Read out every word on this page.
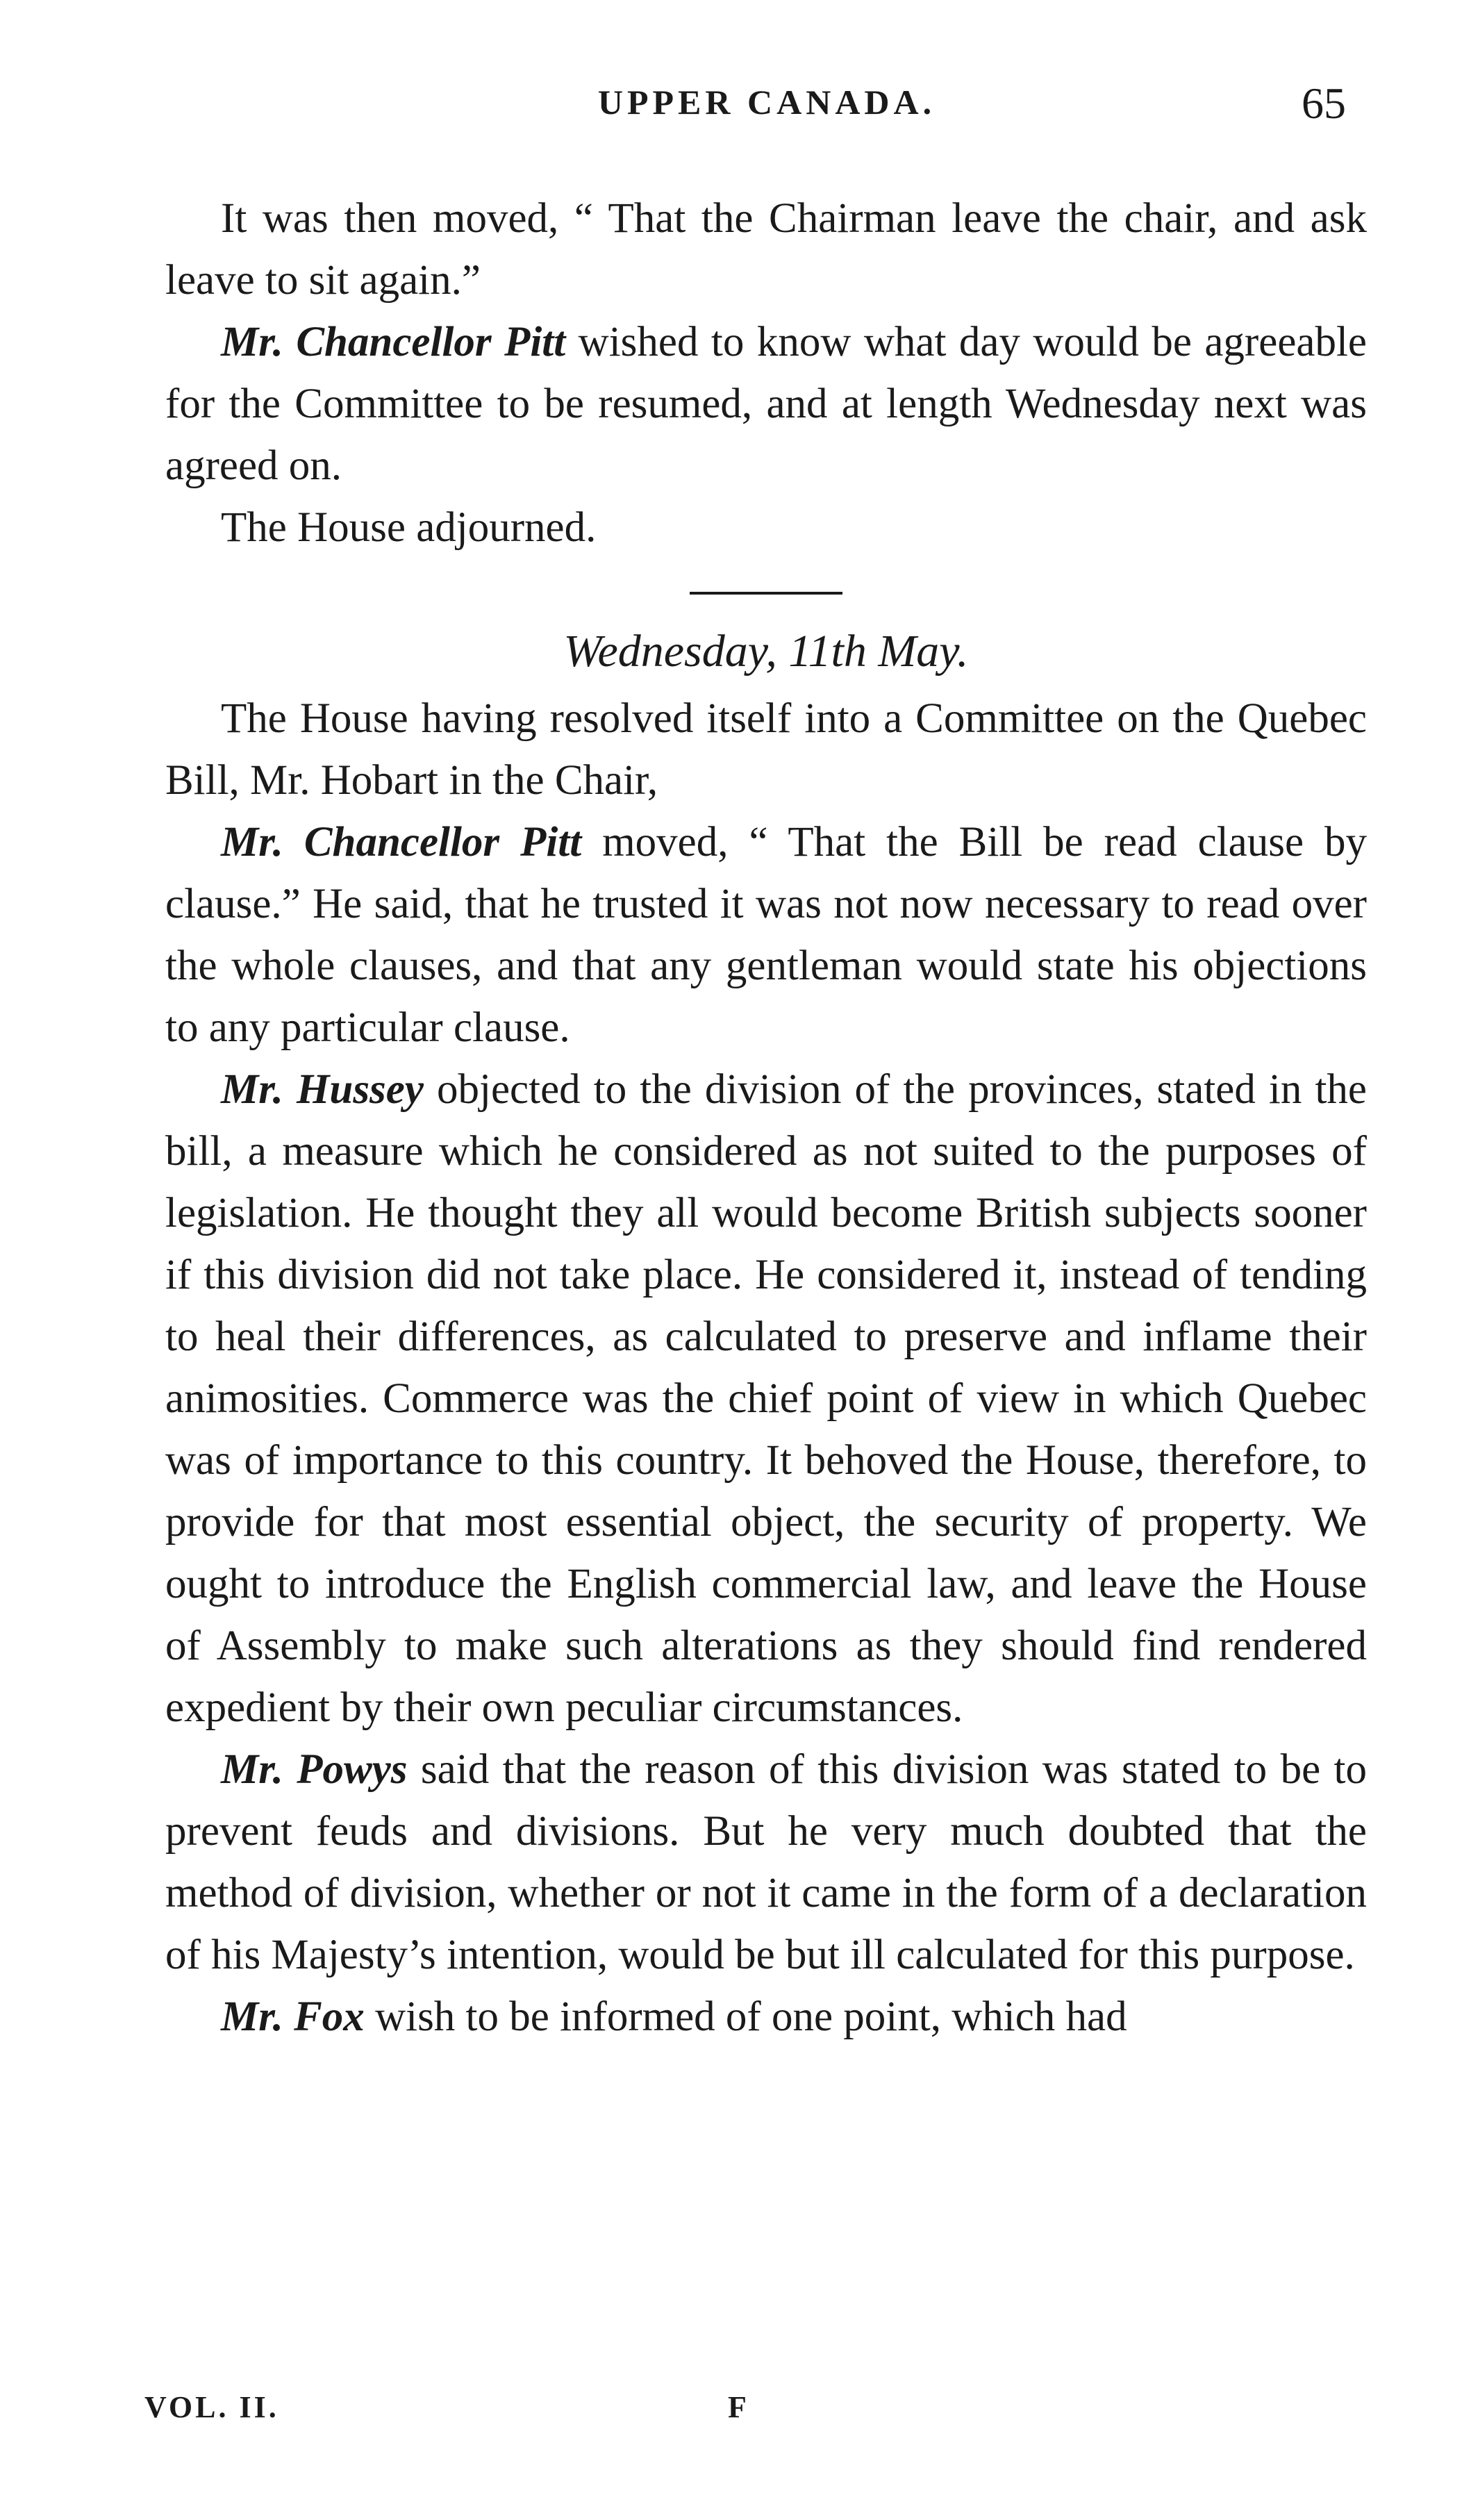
UPPER CANADA.	65

It was then moved, “ That the Chairman leave the chair, and ask leave to sit again.”

Mr. Chancellor Pitt wished to know what day would be agreeable for the Committee to be resumed, and at length Wednesday next was agreed on.

The House adjourned.

Wednesday, 11th May.

The House having resolved itself into a Committee on the Quebec Bill, Mr. Hobart in the Chair,

Mr. Chancellor Pitt moved, “ That the Bill be read clause by clause.” He said, that he trusted it was not now necessary to read over the whole clauses, and that any gentleman would state his objections to any particular clause.

Mr. Hussey objected to the division of the provinces, stated in the bill, a measure which he considered as not suited to the purposes of legislation. He thought they all would become British subjects sooner if this division did not take place. He considered it, instead of tending to heal their differences, as calculated to preserve and inflame their animosities. Commerce was the chief point of view in which Quebec was of importance to this country. It behoved the House, therefore, to provide for that most essential object, the security of property. We ought to introduce the English commercial law, and leave the House of Assembly to make such alterations as they should find rendered expedient by their own peculiar circumstances.

Mr. Powys said that the reason of this division was stated to be to prevent feuds and divisions. But he very much doubted that the method of division, whether or not it came in the form of a declaration of his Majesty’s intention, would be but ill calculated for this purpose.

Mr. Fox wish to be informed of one point, which had

VOL. II.	F
